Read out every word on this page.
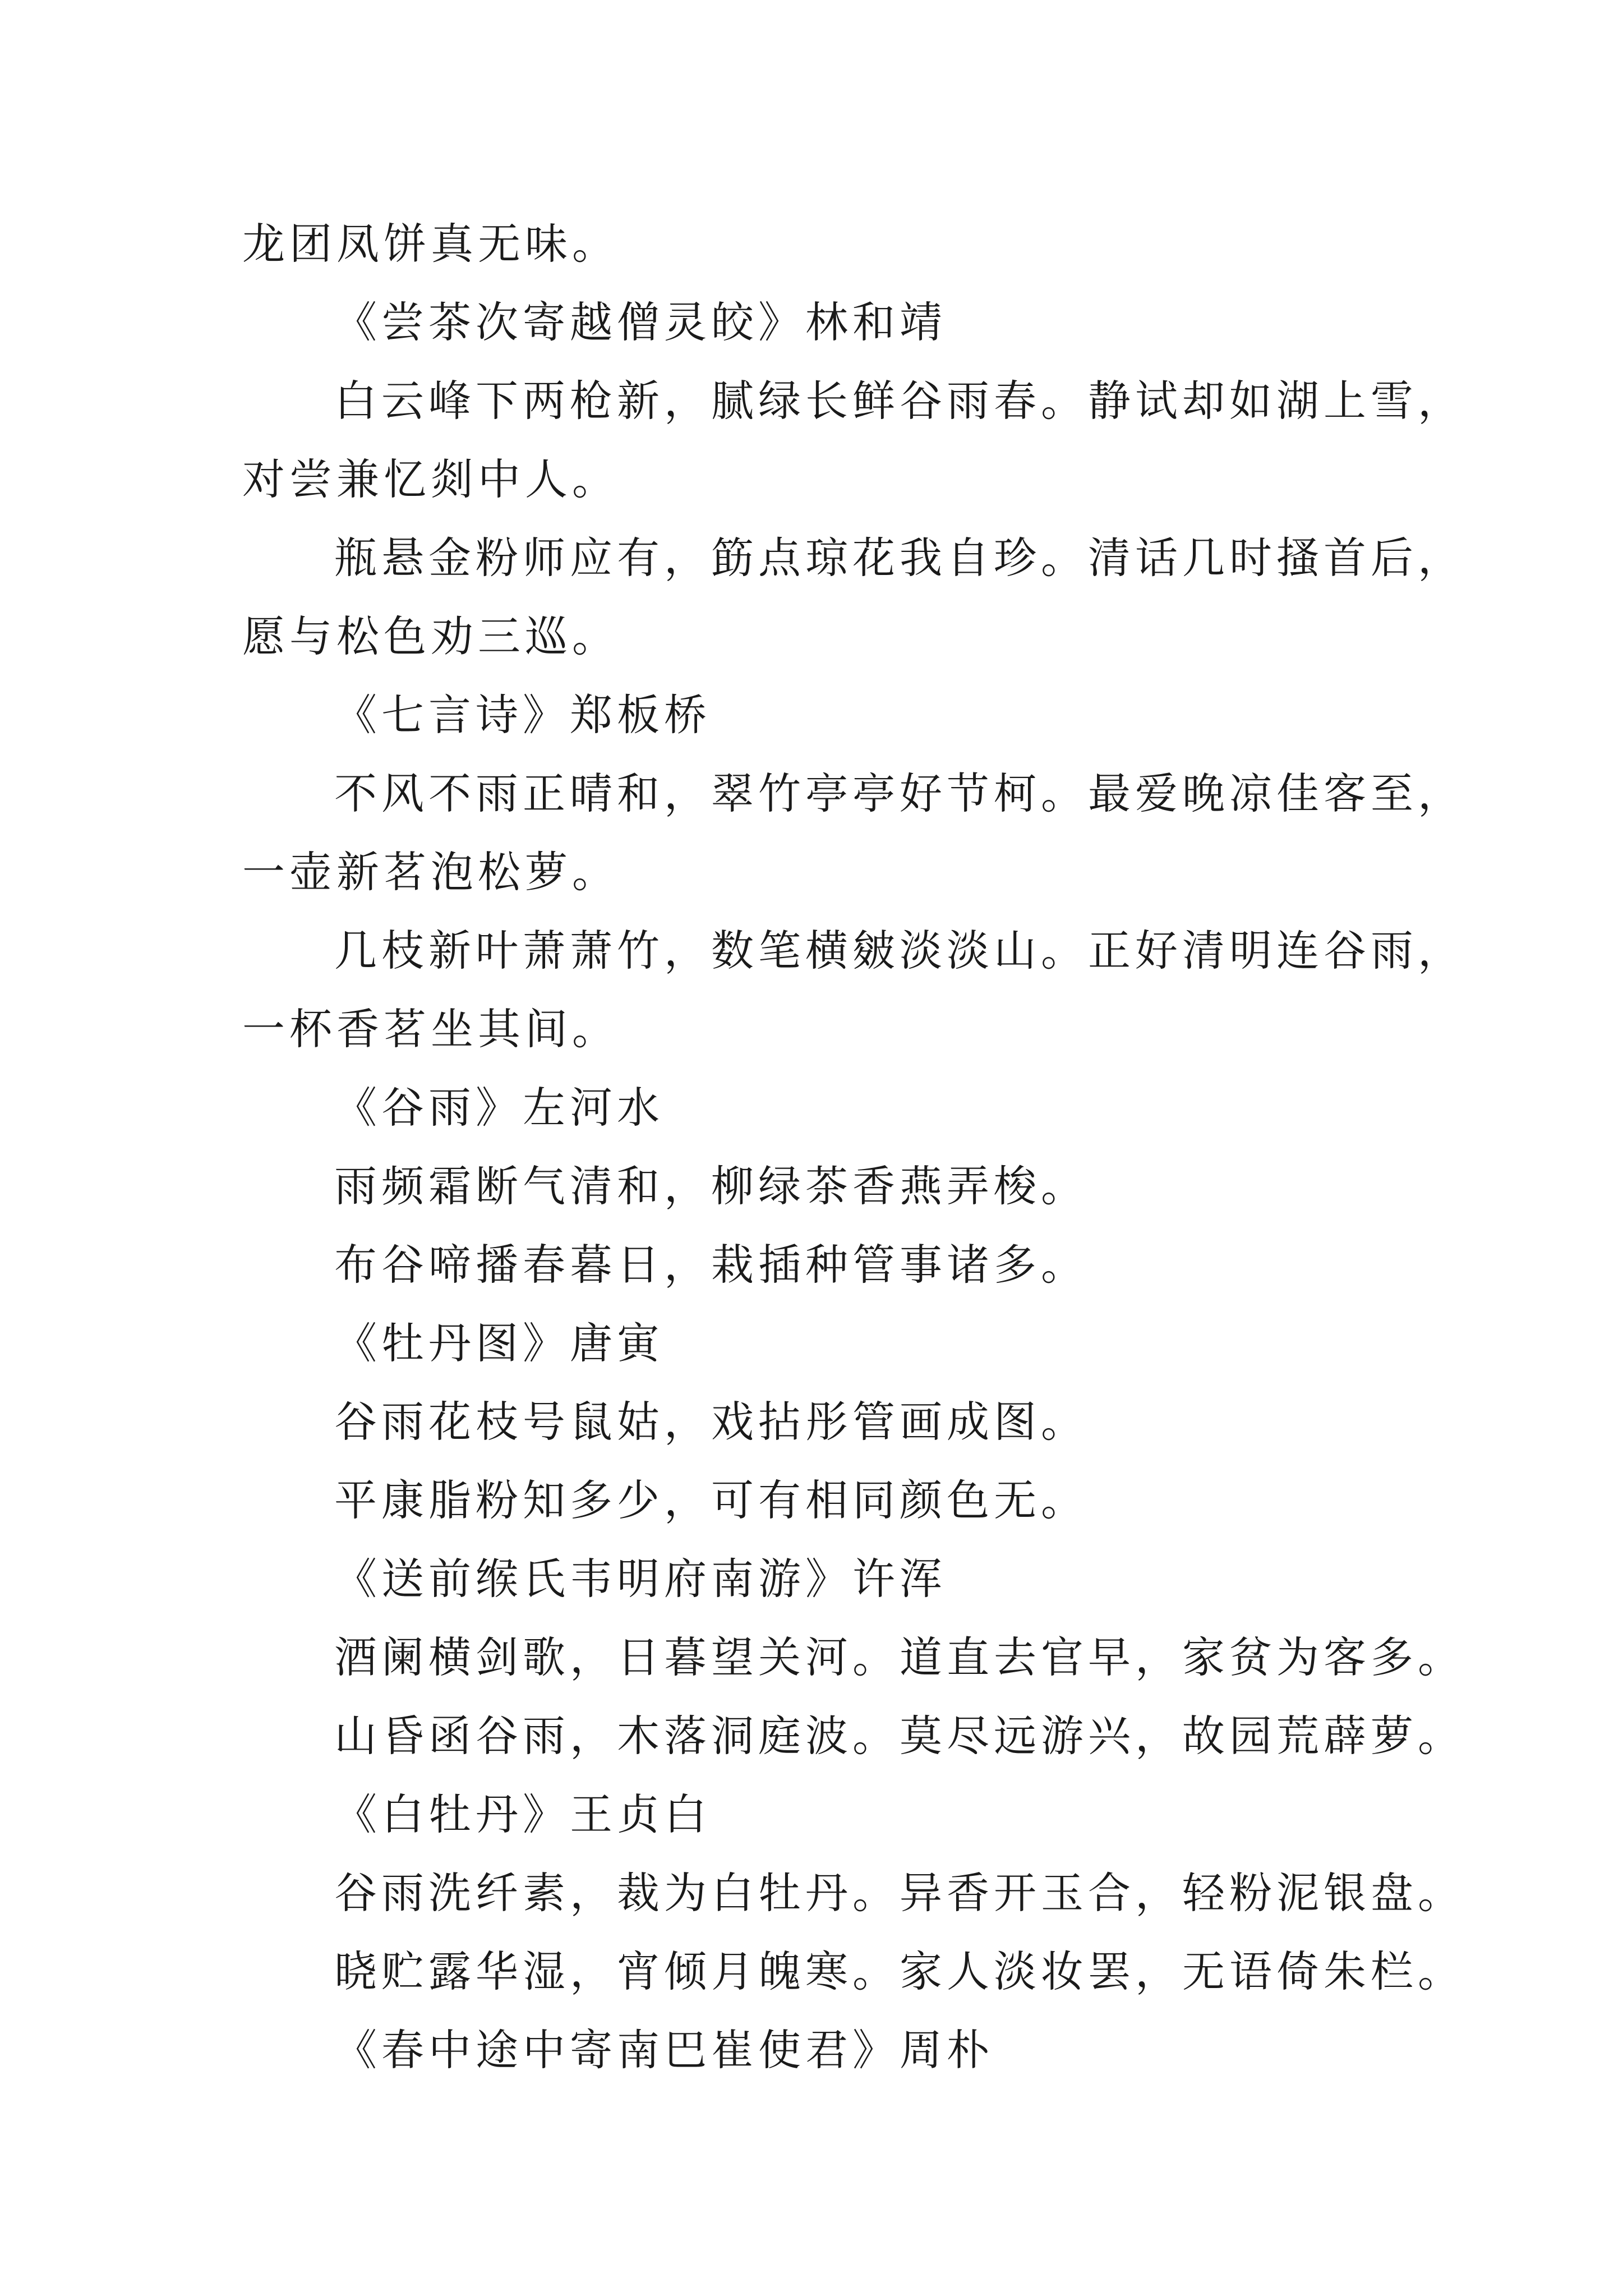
龙团凤饼真无味。
《尝茶次寄越僧灵皎》林和靖
白云峰下两枪新，腻绿长鲜谷雨春。静试却如湖上雪，
对尝兼忆剡中人。
瓶悬金粉师应有，筯点琼花我自珍。清话几时搔首后，
愿与松色劝三巡。
《七言诗》郑板桥
不风不雨正晴和，翠竹亭亭好节柯。最爱晚凉佳客至，
一壶新茗泡松萝。
几枝新叶萧萧竹，数笔横皴淡淡山。正好清明连谷雨，
一杯香茗坐其间。
《谷雨》左河水
雨频霜断气清和，柳绿茶香燕弄梭。
布谷啼播春暮日，栽插种管事诸多。
《牡丹图》唐寅
谷雨花枝号鼠姑，戏拈彤管画成图。
平康脂粉知多少，可有相同颜色无。
《送前缑氏韦明府南游》许浑
酒阑横剑歌，日暮望关河。道直去官早，家贫为客多。
山昏函谷雨，木落洞庭波。莫尽远游兴，故园荒薜萝。
《白牡丹》王贞白
谷雨洗纤素，裁为白牡丹。异香开玉合，轻粉泥银盘。
晓贮露华湿，宵倾月魄寒。家人淡妆罢，无语倚朱栏。
《春中途中寄南巴崔使君》周朴
